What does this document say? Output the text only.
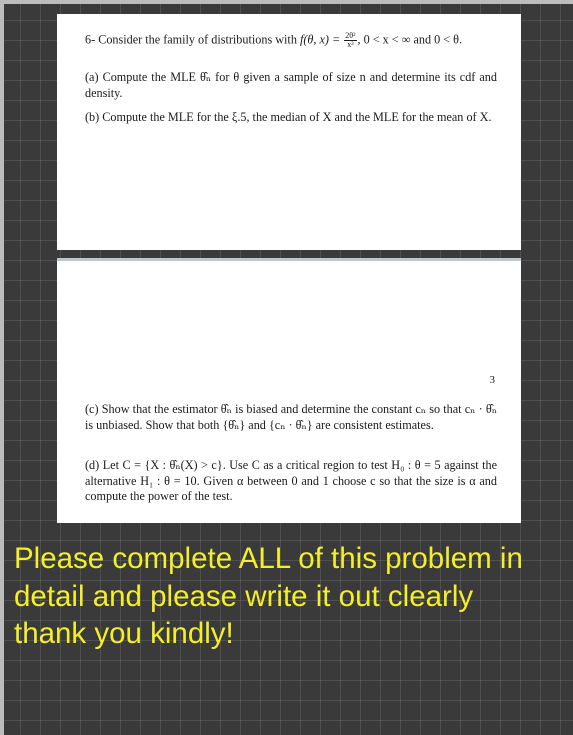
6- Consider the family of distributions with f(θ, $x) = \frac{\text{2θ²}}{\text{x³}}$ , 0 < x < ∞ and 0 < θ.
(a) Compute the MLE θ̂ₙ for θ given a sample of size n and determine its cdf and density.
(b) Compute the MLE for the ξ.5, the median of X and the MLE for the mean of X.
3
(c) Show that the estimator θ̂ₙ is biased and determine the constant cₙ so that cₙ · θ̂ₙ is unbiased. Show that both {θ̂ₙ} and {cₙ · θ̂ₙ} are consistent estimates.
(d) Let C = {X : θ̂ₙ(X) > c}. Use C as a critical region to test H₀ : θ = 5 against the alternative H₁ : θ = 10. Given α between 0 and 1 choose c so that the size is α and compute the power of the test.
Please complete ALL of this problem in detail and please write it out clearly thank you kindly!
